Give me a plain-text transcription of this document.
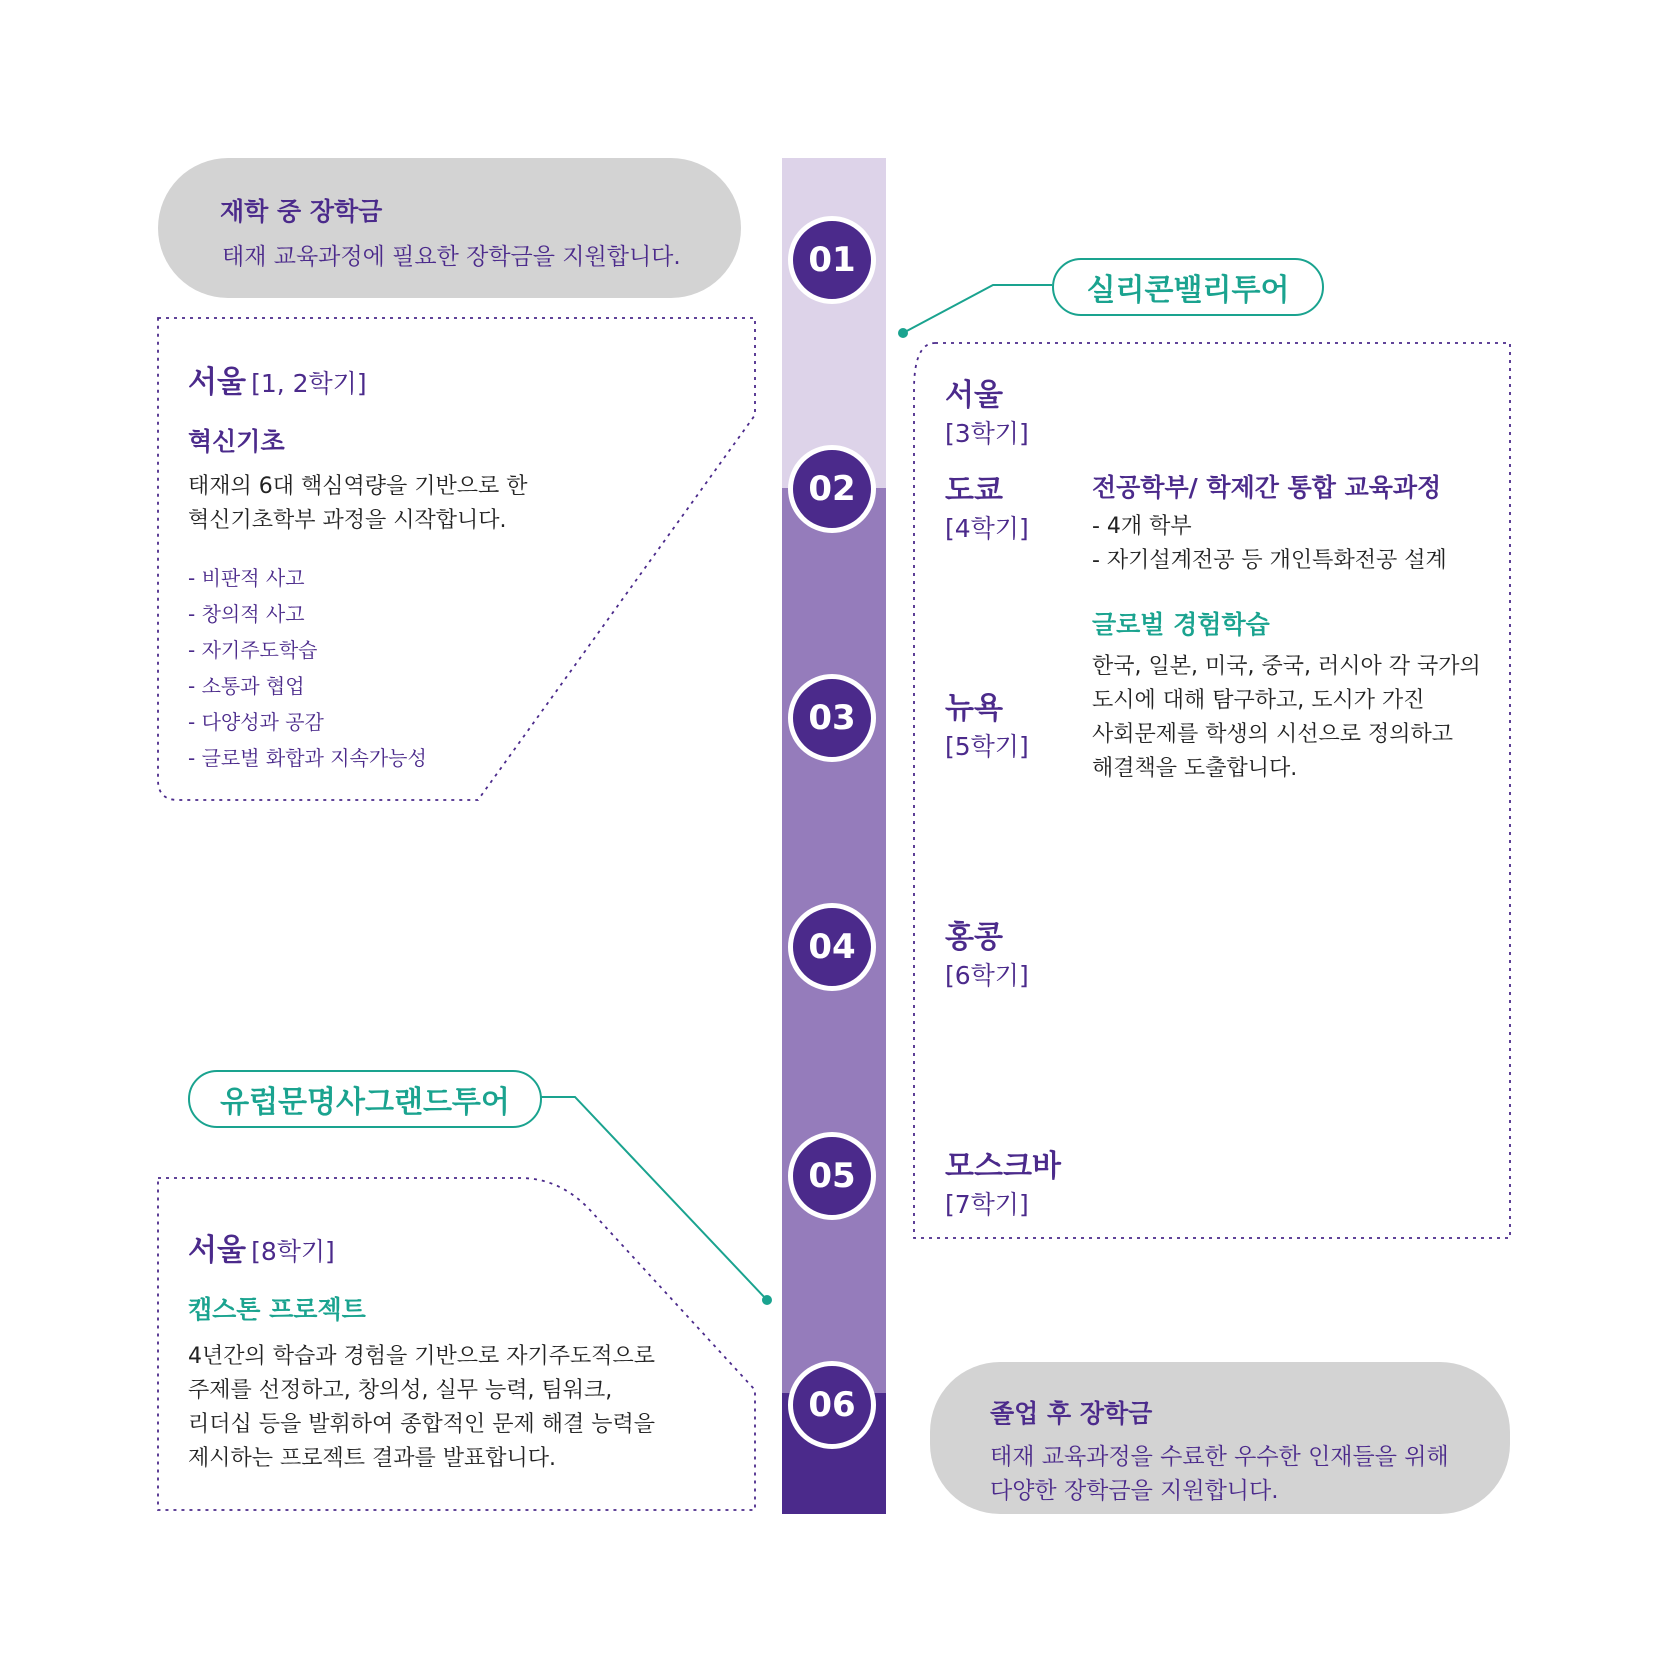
01
02
03
04
05
06
재학 중 장학금
태재 교육과정에 필요한 장학금을 지원합니다.
실리콘밸리투어
서울 [1, 2학기]
혁신기초
태재의 6대 핵심역량을 기반으로 한
혁신기초학부 과정을 시작합니다.
- 비판적 사고
- 창의적 사고
- 자기주도학습
- 소통과 협업
- 다양성과 공감
- 글로벌 화합과 지속가능성
서울
[3학기]
도쿄
[4학기]
뉴욕
[5학기]
홍콩
[6학기]
모스크바
[7학기]
전공학부/ 학제간 통합 교육과정
- 4개 학부
- 자기설계전공 등 개인특화전공 설계
글로벌 경험학습
한국, 일본, 미국, 중국, 러시아 각 국가의
도시에 대해 탐구하고, 도시가 가진
사회문제를 학생의 시선으로 정의하고
해결책을 도출합니다.
유럽문명사그랜드투어
서울 [8학기]
캡스톤 프로젝트
4년간의 학습과 경험을 기반으로 자기주도적으로
주제를 선정하고, 창의성, 실무 능력, 팀워크,
리더십 등을 발휘하여 종합적인 문제 해결 능력을
제시하는 프로젝트 결과를 발표합니다.
졸업 후 장학금
태재 교육과정을 수료한 우수한 인재들을 위해
다양한 장학금을 지원합니다.
